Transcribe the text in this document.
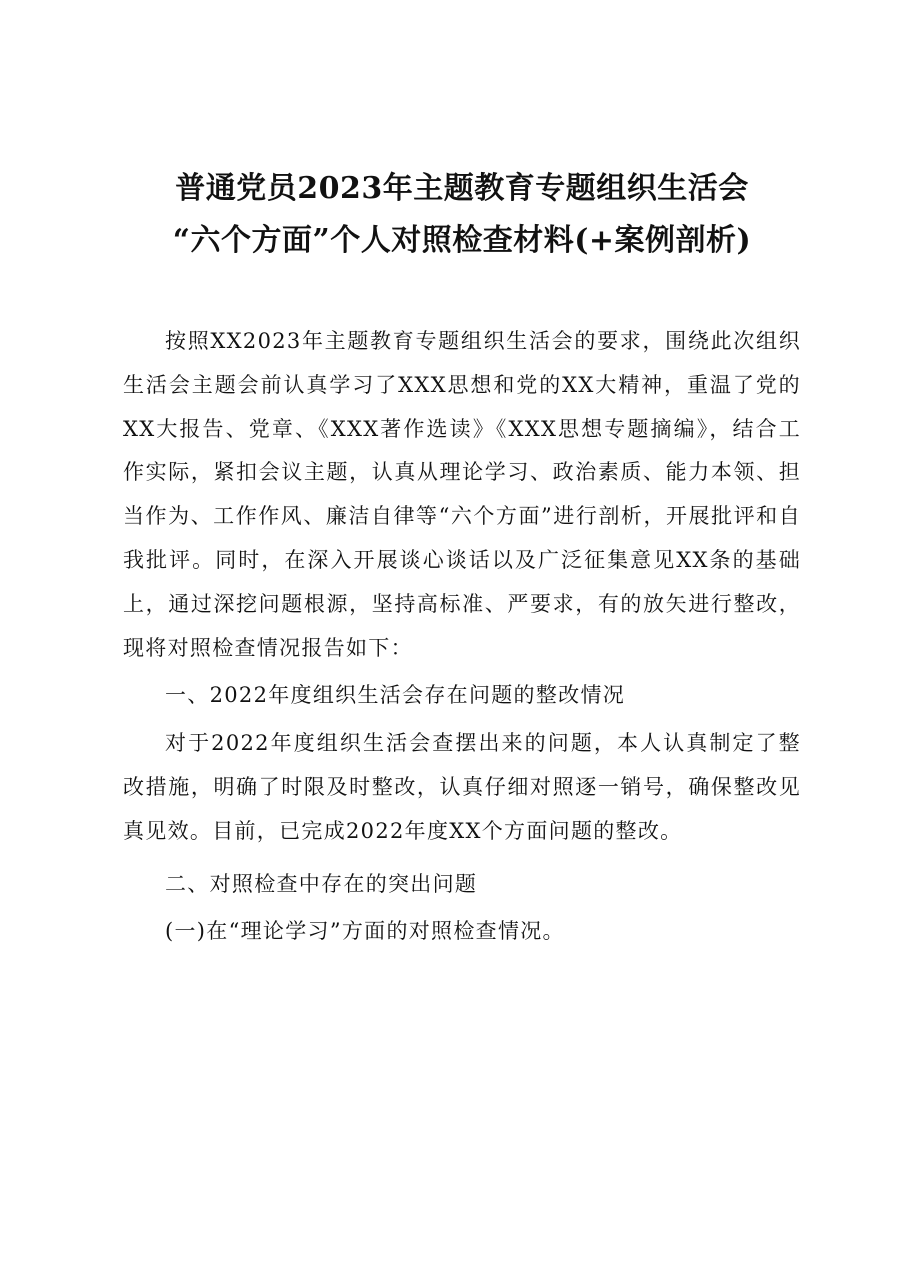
普通党员2023年主题教育专题组织生活会
“六个方面”个人对照检查材料(+案例剖析)

按照XX2023年主题教育专题组织生活会的要求，围绕此次组织生活会主题会前认真学习了XXX思想和党的XX大精神，重温了党的XX大报告、党章、《XXX著作选读》《XXX思想专题摘编》，结合工作实际，紧扣会议主题，认真从理论学习、政治素质、能力本领、担当作为、工作作风、廉洁自律等“六个方面”进行剖析，开展批评和自我批评。同时，在深入开展谈心谈话以及广泛征集意见XX条的基础上，通过深挖问题根源，坚持高标准、严要求，有的放矢进行整改，现将对照检查情况报告如下：

一、2022年度组织生活会存在问题的整改情况

对于2022年度组织生活会查摆出来的问题，本人认真制定了整改措施，明确了时限及时整改，认真仔细对照逐一销号，确保整改见真见效。目前，已完成2022年度XX个方面问题的整改。

二、对照检查中存在的突出问题
(一)在“理论学习”方面的对照检查情况。
